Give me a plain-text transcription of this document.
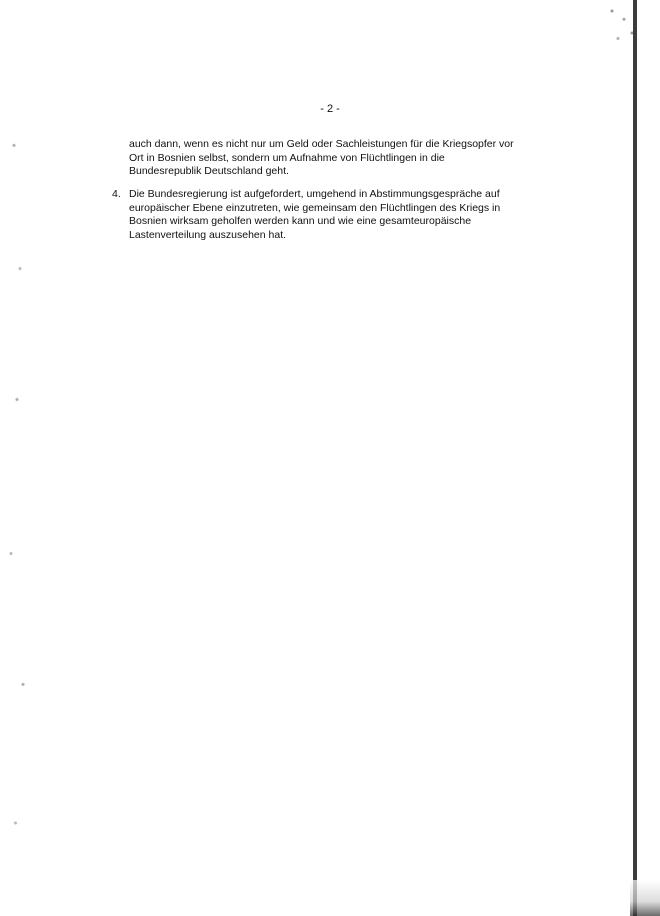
- 2 -

auch dann, wenn es nicht nur um Geld oder Sachleistungen für die Kriegsopfer vor
Ort in Bosnien selbst, sondern um Aufnahme von Flüchtlingen in die
Bundesrepublik Deutschland geht.

4. Die Bundesregierung ist aufgefordert, umgehend in Abstimmungsgespräche auf
europäischer Ebene einzutreten, wie gemeinsam den Flüchtlingen des Kriegs in
Bosnien wirksam geholfen werden kann und wie eine gesamteuropäische
Lastenverteilung auszusehen hat.
